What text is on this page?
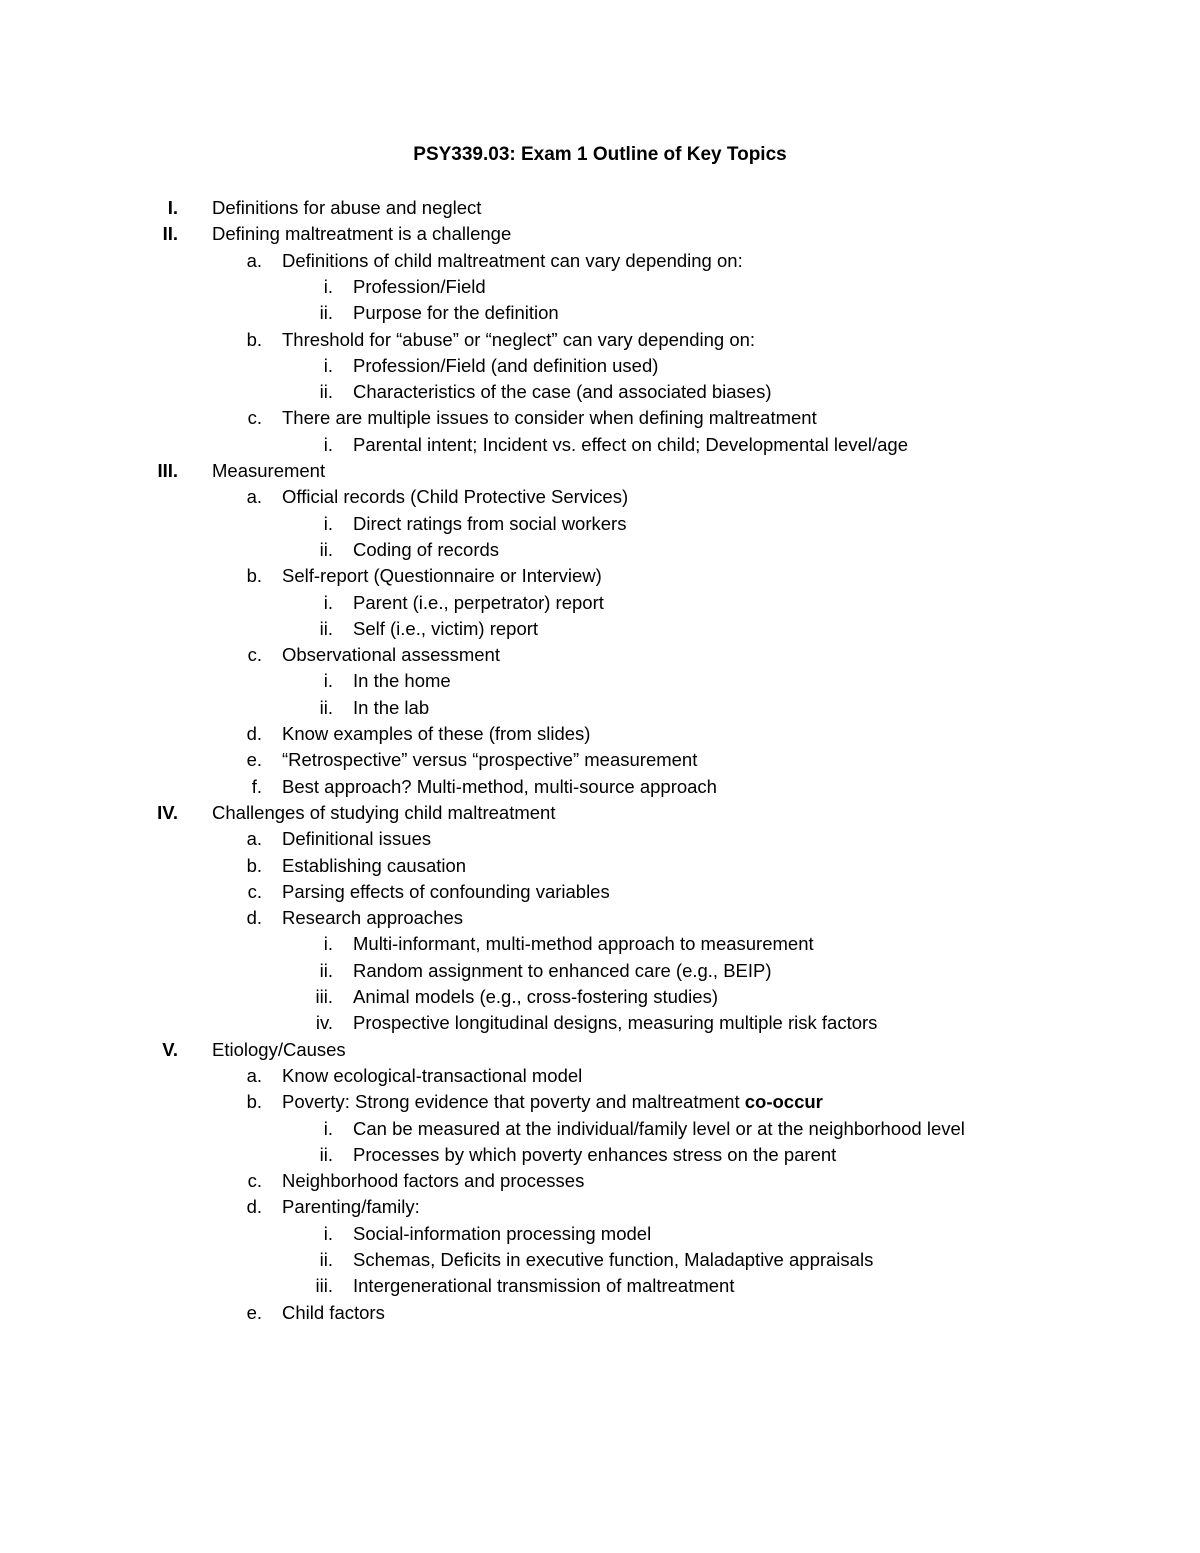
PSY339.03: Exam 1 Outline of Key Topics
I. Definitions for abuse and neglect
II. Defining maltreatment is a challenge
a. Definitions of child maltreatment can vary depending on:
i. Profession/Field
ii. Purpose for the definition
b. Threshold for “abuse” or “neglect” can vary depending on:
i. Profession/Field (and definition used)
ii. Characteristics of the case (and associated biases)
c. There are multiple issues to consider when defining maltreatment
i. Parental intent; Incident vs. effect on child; Developmental level/age
III. Measurement
a. Official records (Child Protective Services)
i. Direct ratings from social workers
ii. Coding of records
b. Self-report (Questionnaire or Interview)
i. Parent (i.e., perpetrator) report
ii. Self (i.e., victim) report
c. Observational assessment
i. In the home
ii. In the lab
d. Know examples of these (from slides)
e. “Retrospective” versus “prospective” measurement
f. Best approach? Multi-method, multi-source approach
IV. Challenges of studying child maltreatment
a. Definitional issues
b. Establishing causation
c. Parsing effects of confounding variables
d. Research approaches
i. Multi-informant, multi-method approach to measurement
ii. Random assignment to enhanced care (e.g., BEIP)
iii. Animal models (e.g., cross-fostering studies)
iv. Prospective longitudinal designs, measuring multiple risk factors
V. Etiology/Causes
a. Know ecological-transactional model
b. Poverty: Strong evidence that poverty and maltreatment co-occur
i. Can be measured at the individual/family level or at the neighborhood level
ii. Processes by which poverty enhances stress on the parent
c. Neighborhood factors and processes
d. Parenting/family:
i. Social-information processing model
ii. Schemas, Deficits in executive function, Maladaptive appraisals
iii. Intergenerational transmission of maltreatment
e. Child factors
